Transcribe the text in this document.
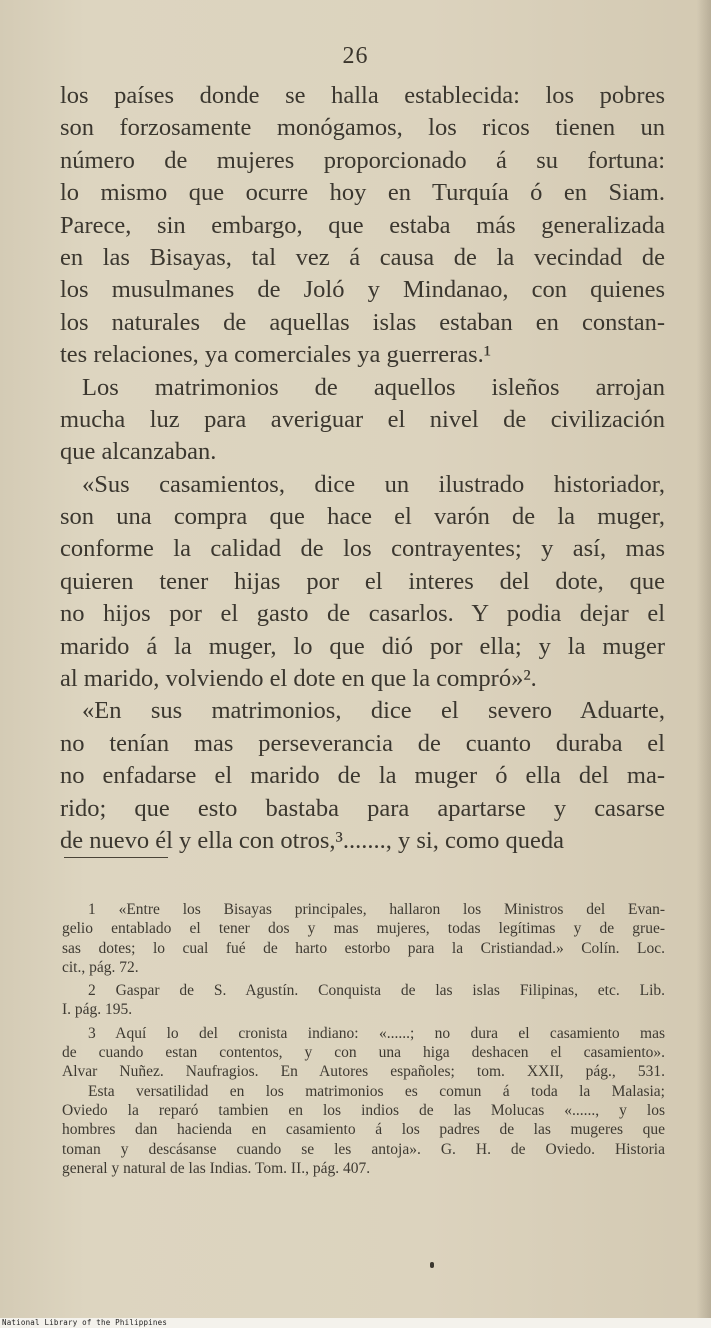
26
los países donde se halla establecida: los pobres
son forzosamente monógamos, los ricos tienen un
número de mujeres proporcionado á su fortuna:
lo mismo que ocurre hoy en Turquía ó en Siam.
Parece, sin embargo, que estaba más generalizada
en las Bisayas, tal vez á causa de la vecindad de
los musulmanes de Joló y Mindanao, con quienes
los naturales de aquellas islas estaban en constan-
tes relaciones, ya comerciales ya guerreras.¹
Los matrimonios de aquellos isleños arrojan
mucha luz para averiguar el nivel de civilización
que alcanzaban.
«Sus casamientos, dice un ilustrado historiador,
son una compra que hace el varón de la muger,
conforme la calidad de los contrayentes; y así, mas
quieren tener hijas por el interes del dote, que
no hijos por el gasto de casarlos. Y podia dejar el
marido á la muger, lo que dió por ella; y la muger
al marido, volviendo el dote en que la compró»².
«En sus matrimonios, dice el severo Aduarte,
no tenían mas perseverancia de cuanto duraba el
no enfadarse el marido de la muger ó ella del ma-
rido; que esto bastaba para apartarse y casarse
de nuevo él y ella con otros,³......., y si, como queda
1 «Entre los Bisayas principales, hallaron los Ministros del Evan-
gelio entablado el tener dos y mas mujeres, todas legítimas y de grue-
sas dotes; lo cual fué de harto estorbo para la Cristiandad.» Colín. Loc.
cit., pág. 72.
2 Gaspar de S. Agustín. Conquista de las islas Filipinas, etc. Lib.
I. pág. 195.
3 Aquí lo del cronista indiano: «......; no dura el casamiento mas
de cuando estan contentos, y con una higa deshacen el casamiento».
Alvar Nuñez. Naufragios. En Autores españoles; tom. XXII, pág., 531.
Esta versatilidad en los matrimonios es comun á toda la Malasia;
Oviedo la reparó tambien en los indios de las Molucas «......, y los
hombres dan hacienda en casamiento á los padres de las mugeres que
toman y descásanse cuando se les antoja». G. H. de Oviedo. Historia
general y natural de las Indias. Tom. II., pág. 407.
National Library of the Philippines
